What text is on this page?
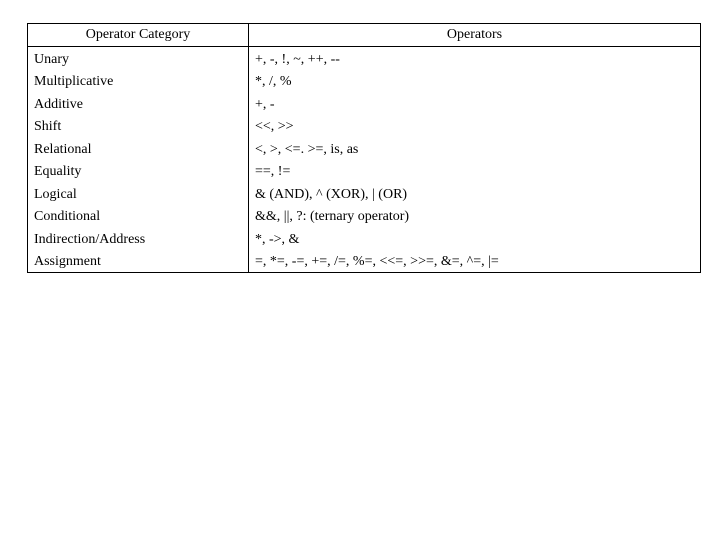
Operator Category	Operators
Unary	+, -, !, ~, ++, --
Multiplicative	*, /, %
Additive	+, -
Shift	<<, >>
Relational	<, >, <=. >=, is, as
Equality	==, !=
Logical	& (AND), ^ (XOR), | (OR)
Conditional	&&, ||, ?: (ternary operator)
Indirection/Address	*, ->, &
Assignment	=, *=, -=, +=, /=, %=, <<=, >>=, &=, ^=, |=
